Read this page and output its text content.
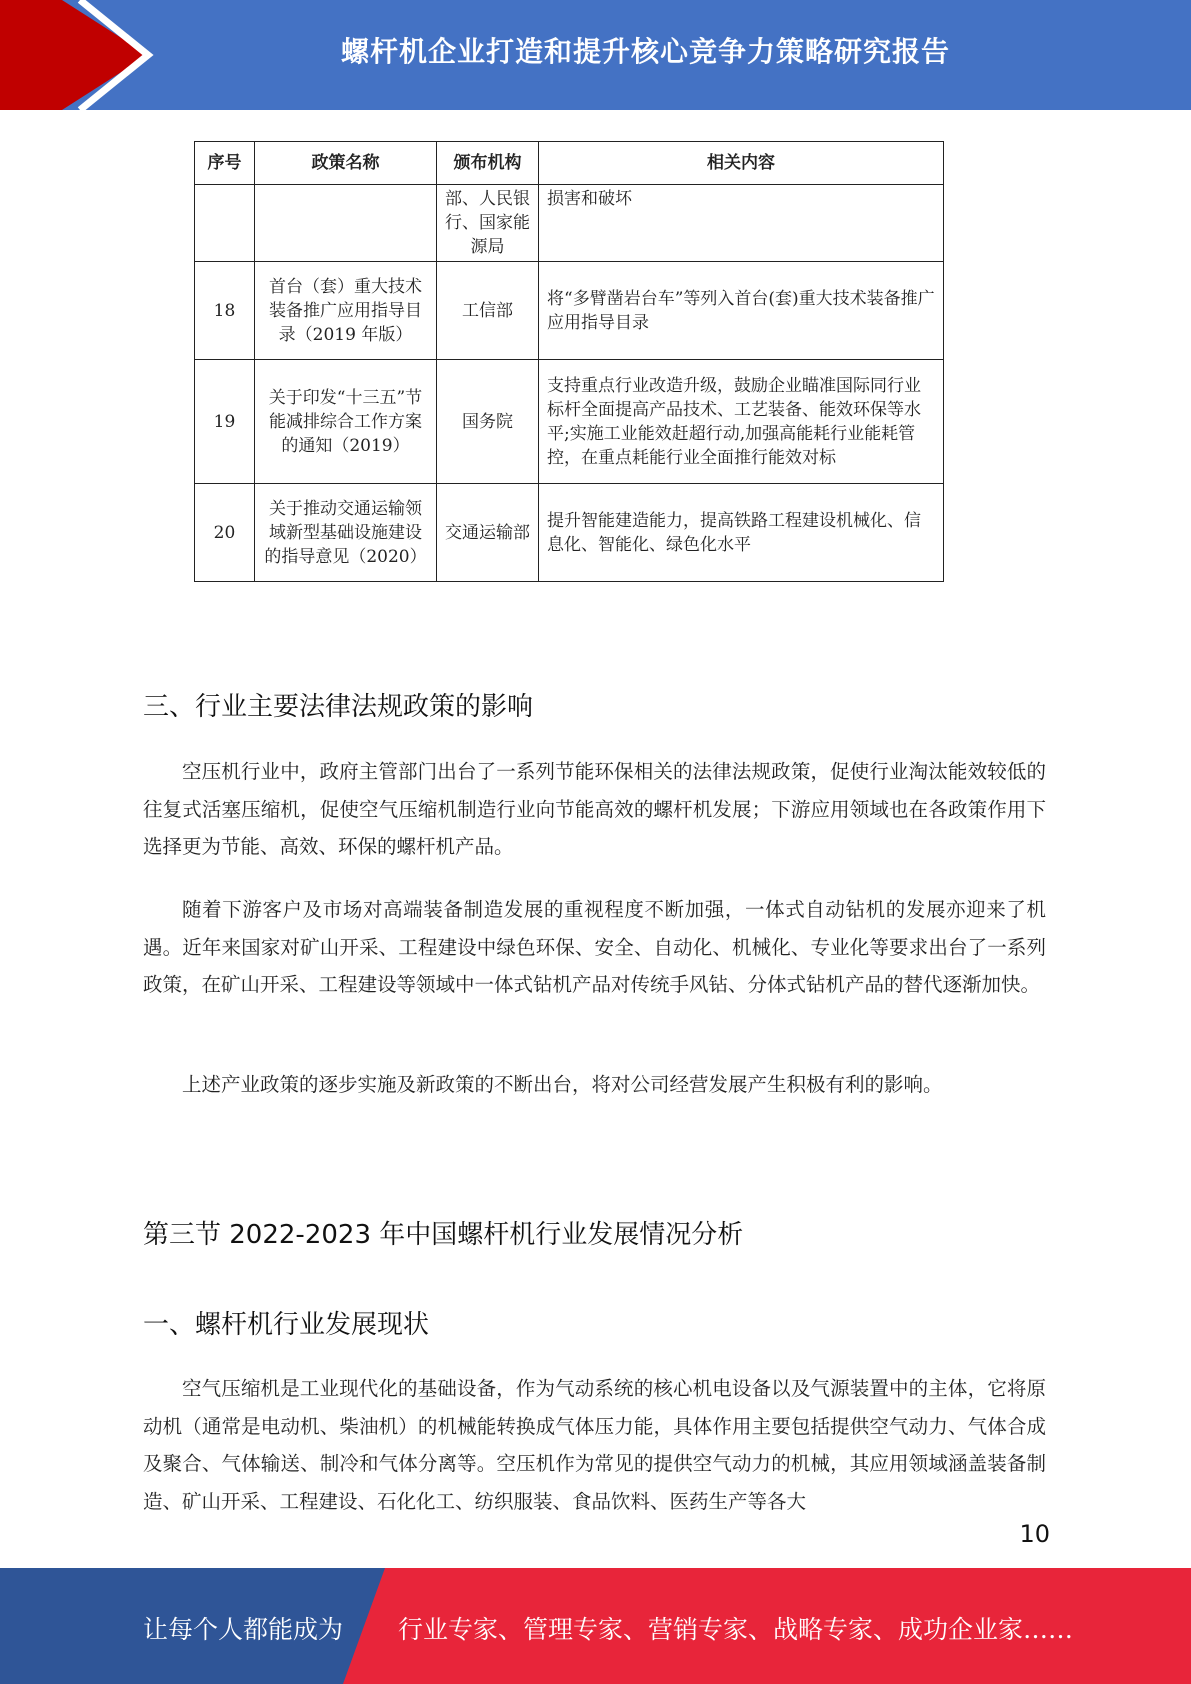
螺杆机企业打造和提升核心竞争力策略研究报告
序号	政策名称	颁布机构	相关内容
		部、人民银行、国家能源局	损害和破坏
18	首台（套）重大技术装备推广应用指导目录（2019 年版）	工信部	将“多臂凿岩台车”等列入首台(套)重大技术装备推广应用指导目录
19	关于印发“十三五”节能减排综合工作方案的通知（2019）	国务院	支持重点行业改造升级，鼓励企业瞄准国际同行业标杆全面提高产品技术、工艺装备、能效环保等水平;实施工业能效赶超行动,加强高能耗行业能耗管控，在重点耗能行业全面推行能效对标
20	关于推动交通运输领域新型基础设施建设的指导意见（2020）	交通运输部	提升智能建造能力，提高铁路工程建设机械化、信息化、智能化、绿色化水平
三、行业主要法律法规政策的影响

空压机行业中，政府主管部门出台了一系列节能环保相关的法律法规政策，促使行业淘汰能效较低的往复式活塞压缩机，促使空气压缩机制造行业向节能高效的螺杆机发展；下游应用领域也在各政策作用下选择更为节能、高效、环保的螺杆机产品。

随着下游客户及市场对高端装备制造发展的重视程度不断加强，一体式自动钻机的发展亦迎来了机遇。近年来国家对矿山开采、工程建设中绿色环保、安全、自动化、机械化、专业化等要求出台了一系列政策，在矿山开采、工程建设等领域中一体式钻机产品对传统手风钻、分体式钻机产品的替代逐渐加快。

上述产业政策的逐步实施及新政策的不断出台，将对公司经营发展产生积极有利的影响。

第三节 2022-2023 年中国螺杆机行业发展情况分析
一、螺杆机行业发展现状

空气压缩机是工业现代化的基础设备，作为气动系统的核心机电设备以及气源装置中的主体，它将原动机（通常是电动机、柴油机）的机械能转换成气体压力能，具体作用主要包括提供空气动力、气体合成及聚合、气体输送、制冷和气体分离等。空压机作为常见的提供空气动力的机械，其应用领域涵盖装备制造、矿山开采、工程建设、石化化工、纺织服装、食品饮料、医药生产等各大

10
让每个人都能成为 行业专家、管理专家、营销专家、战略专家、成功企业家……
